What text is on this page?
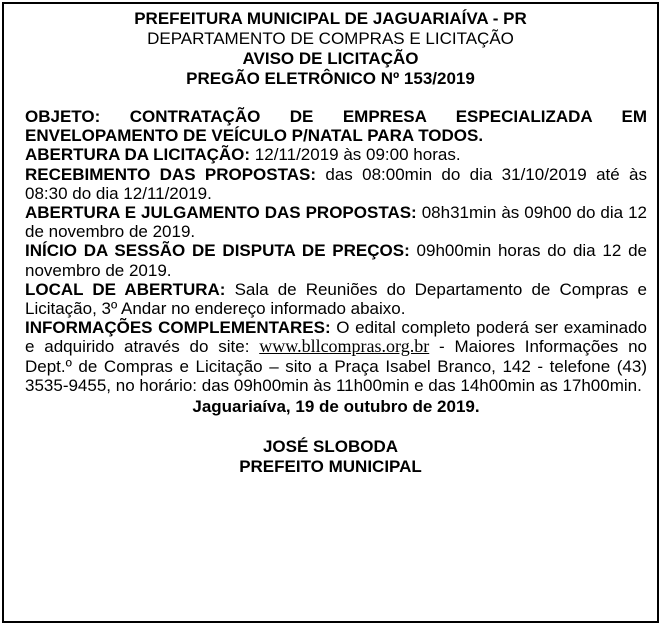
PREFEITURA MUNICIPAL DE JAGUARIAÍVA - PR
DEPARTAMENTO DE COMPRAS E LICITAÇÃO
AVISO DE LICITAÇÃO
PREGÃO ELETRÔNICO Nº 153/2019

OBJETO: CONTRATAÇÃO DE EMPRESA ESPECIALIZADA EM ENVELOPAMENTO DE VEÍCULO P/NATAL PARA TODOS.

ABERTURA DA LICITAÇÃO: 12/11/2019 às 09:00 horas.

RECEBIMENTO DAS PROPOSTAS: das 08:00min do dia 31/10/2019 até às 08:30 do dia 12/11/2019.

ABERTURA E JULGAMENTO DAS PROPOSTAS: 08h31min às 09h00 do dia 12 de novembro de 2019.

INÍCIO DA SESSÃO DE DISPUTA DE PREÇOS: 09h00min horas do dia 12 de novembro de 2019.

LOCAL DE ABERTURA: Sala de Reuniões do Departamento de Compras e Licitação, 3º Andar no endereço informado abaixo.

INFORMAÇÕES COMPLEMENTARES: O edital completo poderá ser examinado e adquirido através do site: www.bllcompras.org.br - Maiores Informações no Dept.º de Compras e Licitação – sito a Praça Isabel Branco, 142 - telefone (43) 3535-9455, no horário: das 09h00min às 11h00min e das 14h00min as 17h00min.

Jaguariaíva, 19 de outubro de 2019.
JOSÉ SLOBODA
PREFEITO MUNICIPAL
